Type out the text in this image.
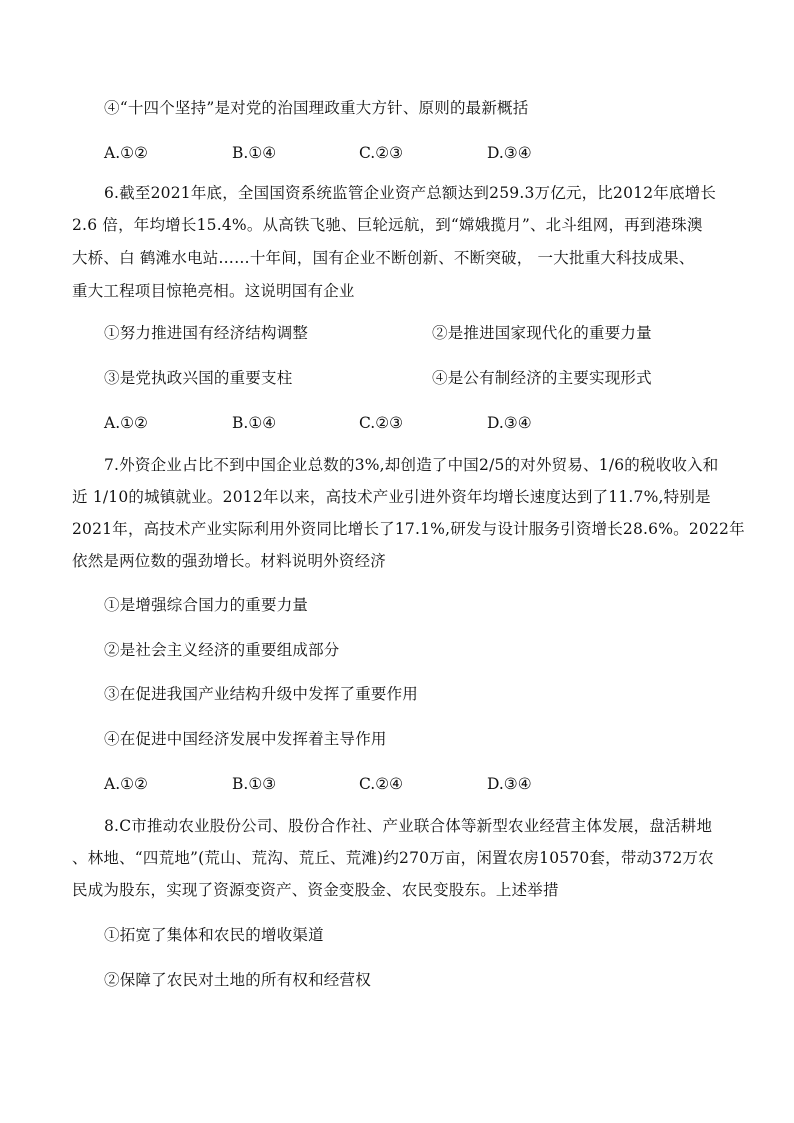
④“十四个坚持”是对党的治国理政重大方针、原则的最新概括
A.①②	B.①④	C.②③	D.③④
6.截至2021年底，全国国资系统监管企业资产总额达到259.3万亿元，比2012年底增长
2.6 倍，年均增长15.4%。从高铁飞驰、巨轮远航，到“嫦娥揽月”、北斗组网，再到港珠澳
大桥、白 鹤滩水电站……十年间，国有企业不断创新、不断突破， 一大批重大科技成果、
重大工程项目惊艳亮相。这说明国有企业
①努力推进国有经济结构调整	②是推进国家现代化的重要力量
③是党执政兴国的重要支柱	④是公有制经济的主要实现形式
A.①②	B.①④	C.②③	D.③④
7.外资企业占比不到中国企业总数的3%,却创造了中国2/5的对外贸易、1/6的税收收入和
近 1/10的城镇就业。2012年以来，高技术产业引进外资年均增长速度达到了11.7%,特别是
2021年，高技术产业实际利用外资同比增长了17.1%,研发与设计服务引资增长28.6%。2022年
依然是两位数的强劲增长。材料说明外资经济
①是增强综合国力的重要力量
②是社会主义经济的重要组成部分
③在促进我国产业结构升级中发挥了重要作用
④在促进中国经济发展中发挥着主导作用
A.①②	B.①③	C.②④	D.③④
8.C市推动农业股份公司、股份合作社、产业联合体等新型农业经营主体发展，盘活耕地
、林地、“四荒地”(荒山、荒沟、荒丘、荒滩)约270万亩，闲置农房10570套，带动372万农
民成为股东，实现了资源变资产、资金变股金、农民变股东。上述举措
①拓宽了集体和农民的增收渠道
②保障了农民对土地的所有权和经营权
